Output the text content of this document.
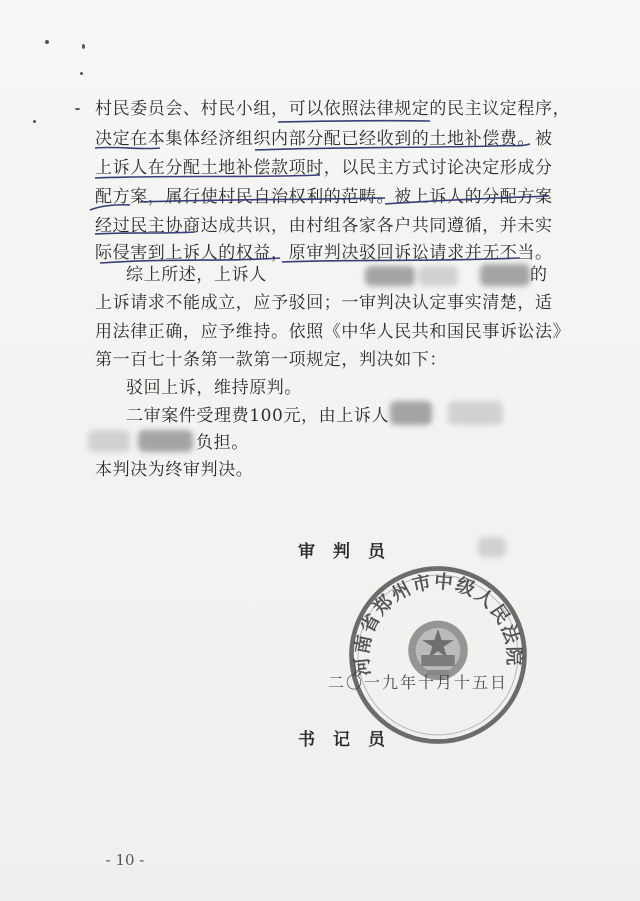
村民委员会、村民小组，可以依照法律规定的民主议定程序，
决定在本集体经济组织内部分配已经收到的土地补偿费。被
上诉人在分配土地补偿款项时，以民主方式讨论决定形成分
配方案，属行使村民自治权利的范畴。被上诉人的分配方案
经过民主协商达成共识，由村组各家各户共同遵循，并未实
际侵害到上诉人的权益，原审判决驳回诉讼请求并无不当。
综上所述，上诉人	的
上诉请求不能成立，应予驳回；一审判决认定事实清楚，适
用法律正确，应予维持。依照《中华人民共和国民事诉讼法》
第一百七十条第一款第一项规定，判决如下：
驳回上诉，维持原判。
二审案件受理费100元，由上诉人
负担。
本判决为终审判决。
审判员
河南省郑州市中级人民法院
二〇一九年十月十五日
书记员
- 10 -
